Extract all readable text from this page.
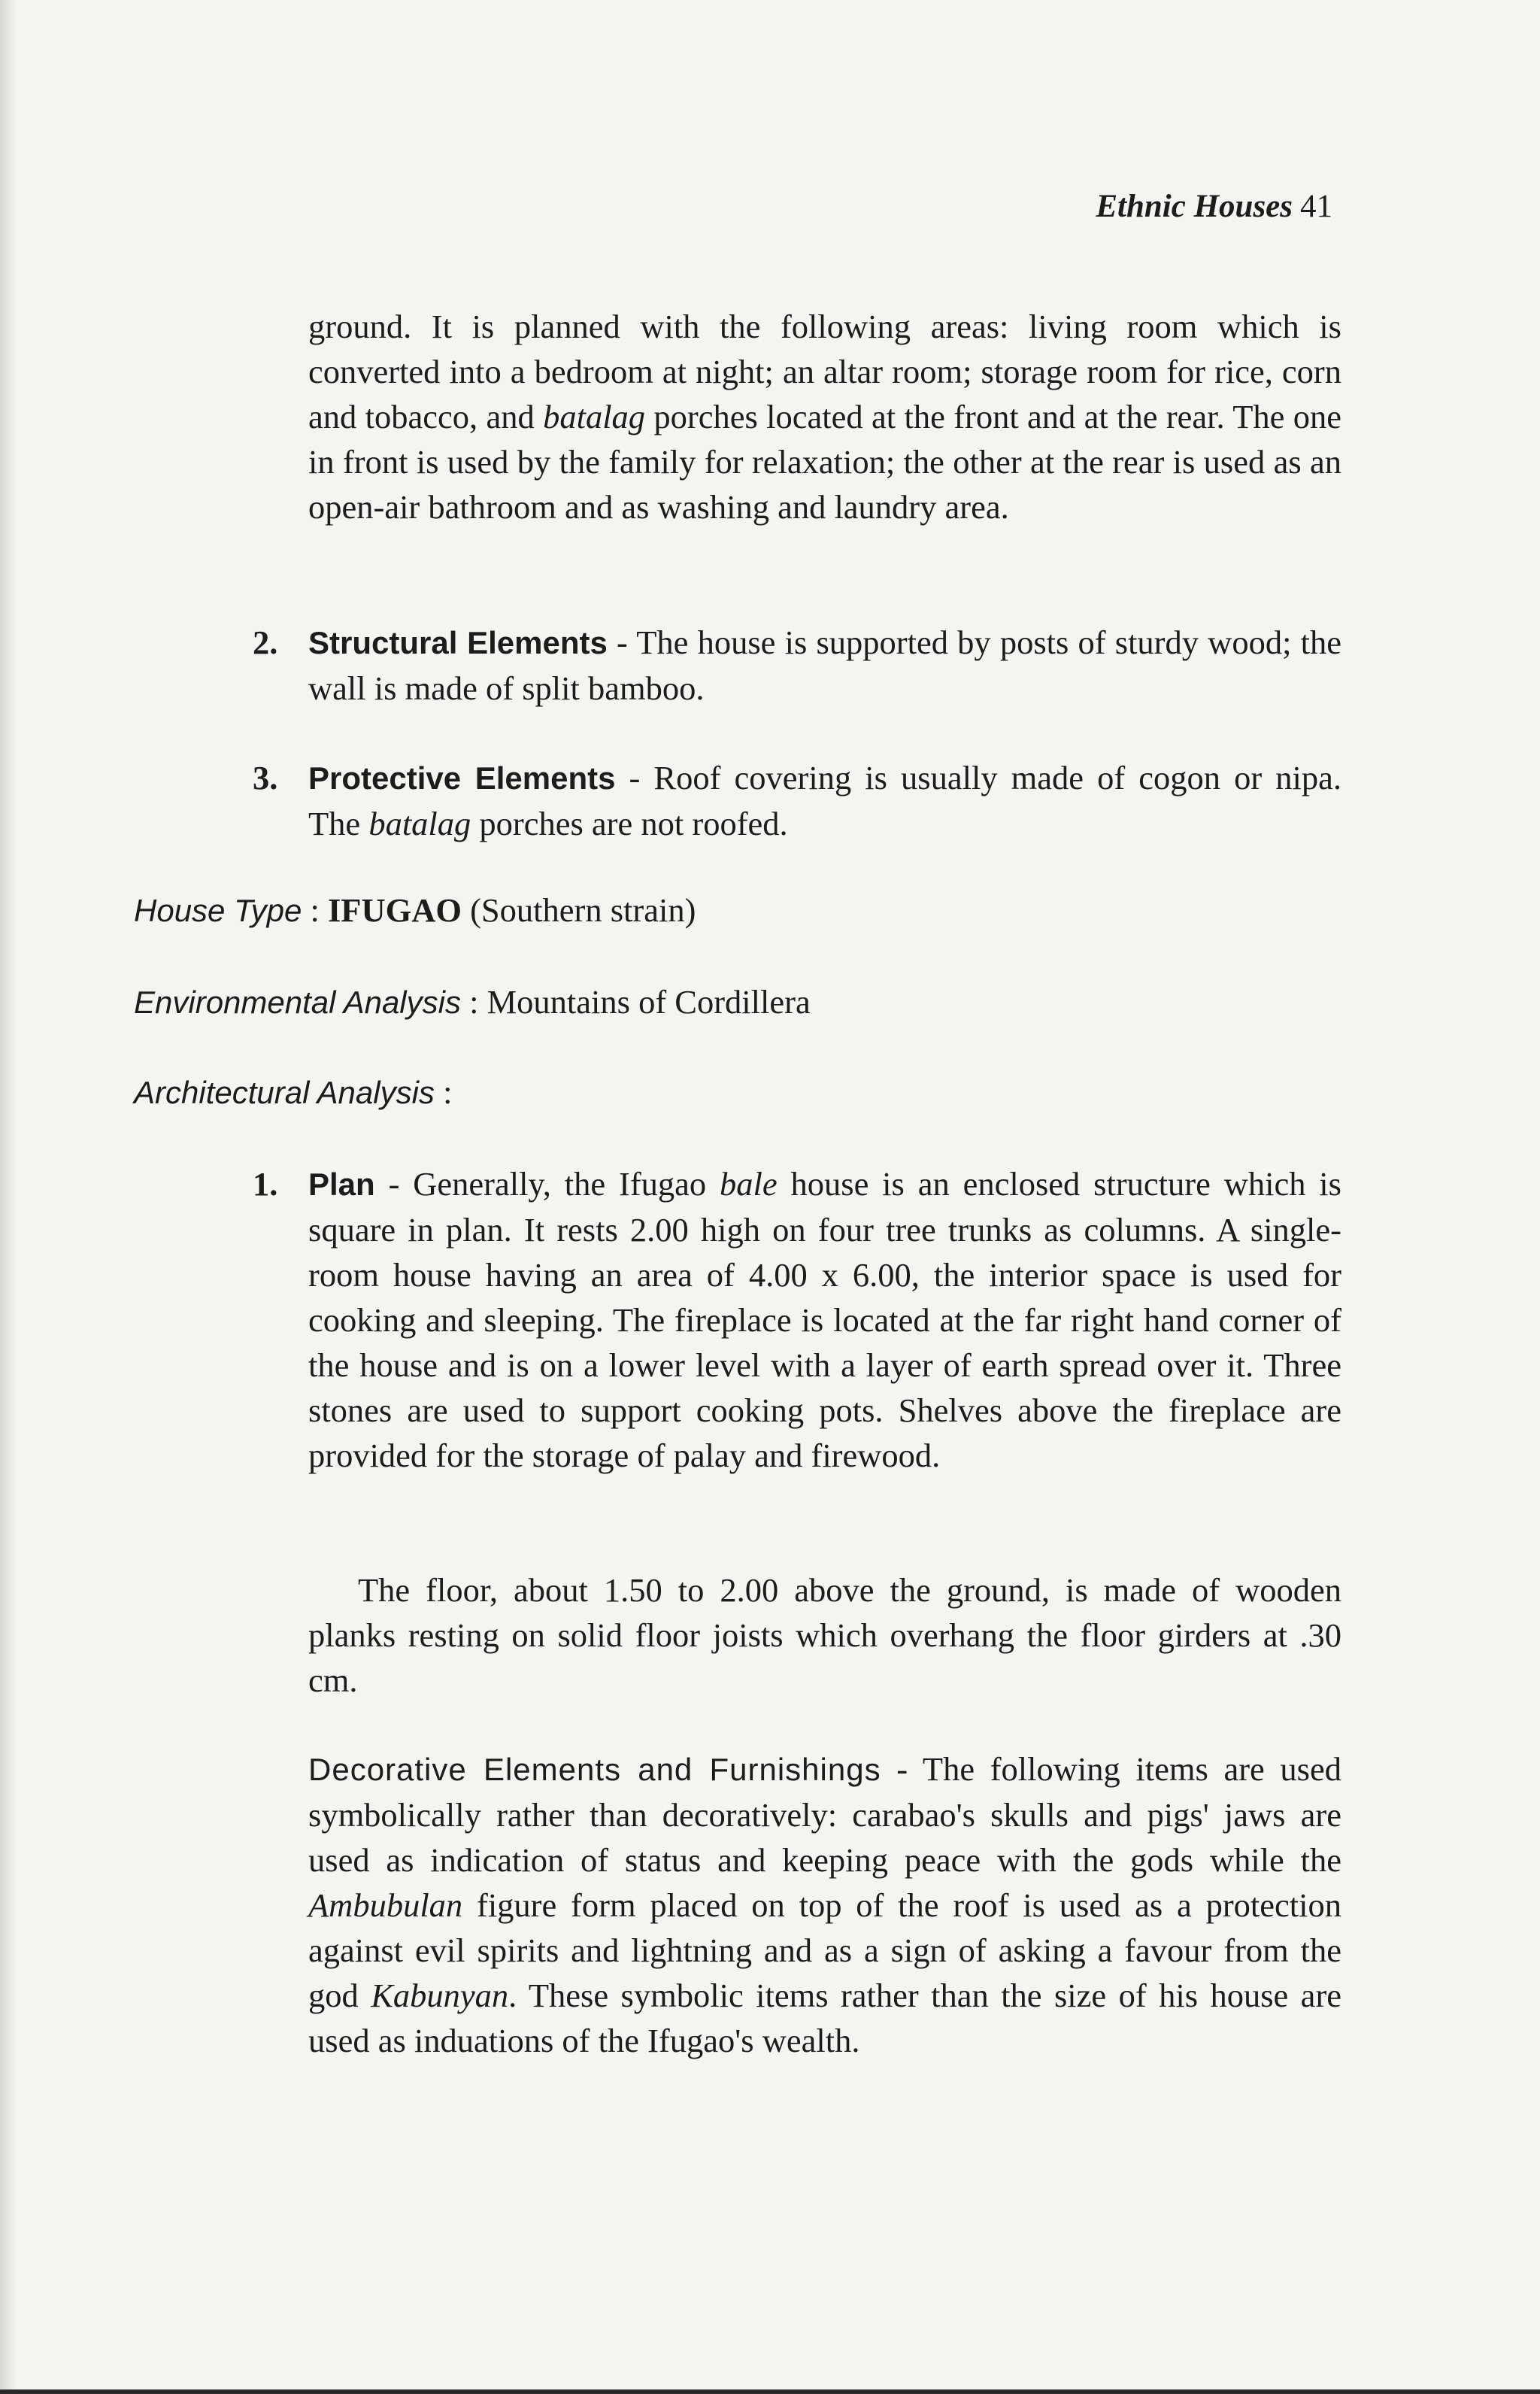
Ethnic Houses 41
ground. It is planned with the following areas: living room which is converted into a bedroom at night; an altar room; storage room for rice, corn and tobacco, and batalag porches located at the front and at the rear. The one in front is used by the family for relaxation; the other at the rear is used as an open-air bathroom and as washing and laundry area.
2. Structural Elements - The house is supported by posts of sturdy wood; the wall is made of split bamboo.
3. Protective Elements - Roof covering is usually made of cogon or nipa. The batalag porches are not roofed.
House Type : IFUGAO (Southern strain)
Environmental Analysis : Mountains of Cordillera
Architectural Analysis :
1. Plan - Generally, the Ifugao bale house is an enclosed structure which is square in plan. It rests 2.00 high on four tree trunks as columns. A single-room house having an area of 4.00 x 6.00, the interior space is used for cooking and sleeping. The fireplace is located at the far right hand corner of the house and is on a lower level with a layer of earth spread over it. Three stones are used to support cooking pots. Shelves above the fireplace are provided for the storage of palay and firewood.
The floor, about 1.50 to 2.00 above the ground, is made of wooden planks resting on solid floor joists which overhang the floor girders at .30 cm.
Decorative Elements and Furnishings - The following items are used symbolically rather than decoratively: carabao's skulls and pigs' jaws are used as indication of status and keeping peace with the gods while the Ambubulan figure form placed on top of the roof is used as a protection against evil spirits and lightning and as a sign of asking a favour from the god Kabunyan. These symbolic items rather than the size of his house are used as induations of the Ifugao's wealth.
